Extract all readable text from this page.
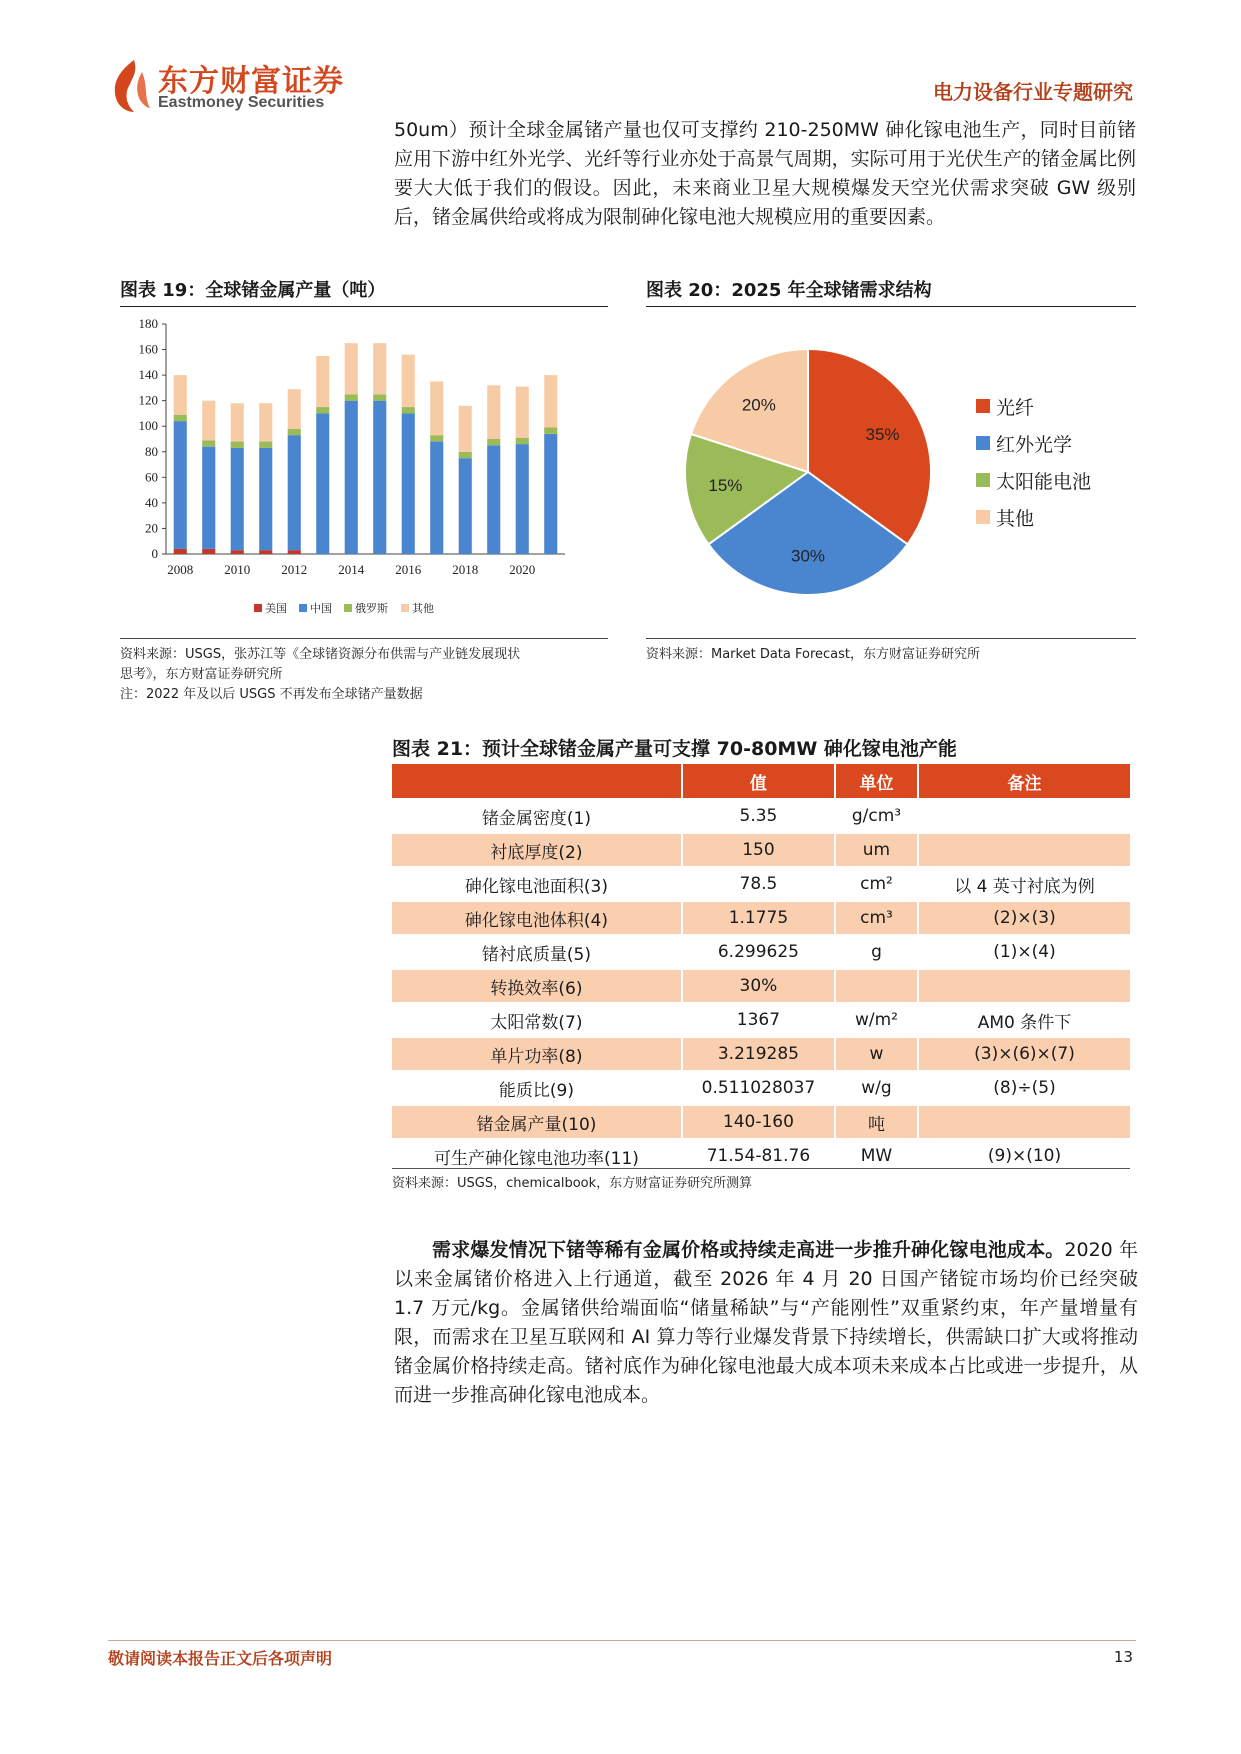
东方财富证券
Eastmoney Securities	电力设备行业专题研究

50um）预计全球金属锗产量也仅可支撑约 210-250MW 砷化镓电池生产，同时目前锗应用下游中红外光学、光纤等行业亦处于高景气周期，实际可用于光伏生产的锗金属比例要大大低于我们的假设。因此，未来商业卫星大规模爆发天空光伏需求突破 GW 级别后，锗金属供给或将成为限制砷化镓电池大规模应用的重要因素。

图表 19：全球锗金属产量（吨）
0
20
40
60
80
100
120
140
160
180
2008 2010 2012 2014 2016 2018 2020
美国 中国 俄罗斯 其他
资料来源：USGS，张苏江等《全球锗资源分布供需与产业链发展现状
思考》，东方财富证券研究所
注：2022 年及以后 USGS 不再发布全球锗产量数据
图表 20：2025 年全球锗需求结构
35%
30%
15%
20%	光纤
红外光学
太阳能电池
其他
资料来源：Market Data Forecast，东方财富证券研究所
图表 21：预计全球锗金属产量可支撑 70-80MW 砷化镓电池产能
	值	单位	备注
锗金属密度(1)	5.35	g/cm³	
衬底厚度(2)	150	um	
砷化镓电池面积(3)	78.5	cm²	以 4 英寸衬底为例
砷化镓电池体积(4)	1.1775	cm³	(2)×(3)
锗衬底质量(5)	6.299625	g	(1)×(4)
转换效率(6)	30%		
太阳常数(7)	1367	w/m²	AM0 条件下
单片功率(8)	3.219285	w	(3)×(6)×(7)
能质比(9)	0.511028037	w/g	(8)÷(5)
锗金属产量(10)	140-160	吨	
可生产砷化镓电池功率(11)	71.54-81.76	MW	(9)×(10)
资料来源：USGS，chemicalbook，东方财富证券研究所测算

需求爆发情况下锗等稀有金属价格或持续走高进一步推升砷化镓电池成本。2020 年以来金属锗价格进入上行通道，截至 2026 年 4 月 20 日国产锗锭市场均价已经突破 1.7 万元/kg。金属锗供给端面临“储量稀缺”与“产能刚性”双重紧约束，年产量增量有限，而需求在卫星互联网和 AI 算力等行业爆发背景下持续增长，供需缺口扩大或将推动锗金属价格持续走高。锗衬底作为砷化镓电池最大成本项未来成本占比或进一步提升，从而进一步推高砷化镓电池成本。

敬请阅读本报告正文后各项声明	13
